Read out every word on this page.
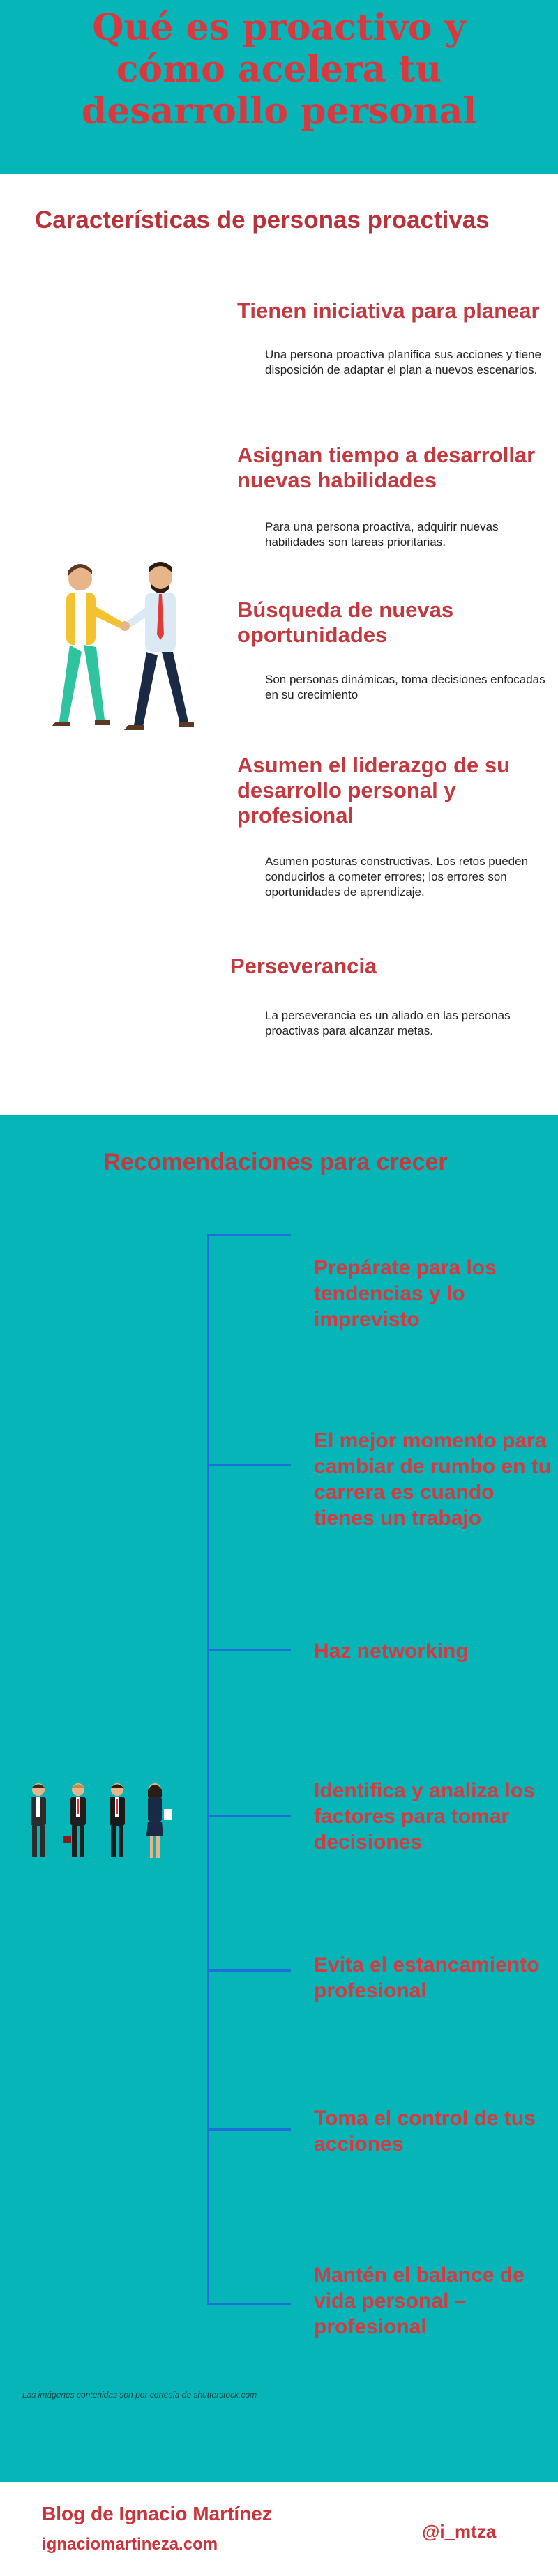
Qué es proactivo y
cómo acelera tu
desarrollo personal
Características de personas proactivas
Tienen iniciativa para planear
Una persona proactiva planifica sus acciones y tiene disposición de adaptar el plan a nuevos escenarios.
Asignan tiempo a desarrollar nuevas habilidades
Para una persona proactiva, adquirir nuevas habilidades son tareas prioritarias.
Búsqueda de nuevas oportunidades
Son personas dinámicas, toma decisiones enfocadas en su crecimiento
Asumen el liderazgo de su desarrollo personal y profesional
Asumen posturas constructivas. Los retos pueden conducirlos a cometer errores; los errores son oportunidades de aprendizaje.
Perseverancia
La perseverancia es un aliado en las personas proactivas para alcanzar metas.
Recomendaciones para crecer
Prepárate para los tendencias y lo imprevisto
El mejor momento para cambiar de rumbo en tu carrera es cuando tienes un trabajo
Haz networking
Identifica y analiza los factores para tomar decisiones
Evita el estancamiento profesional
Toma el control de tus acciones
Mantén el balance de vida personal – profesional
Las imágenes contenidas son por cortesía de shutterstock.com
Blog de Ignacio Martínez
ignaciomartineza.com
@i_mtza
